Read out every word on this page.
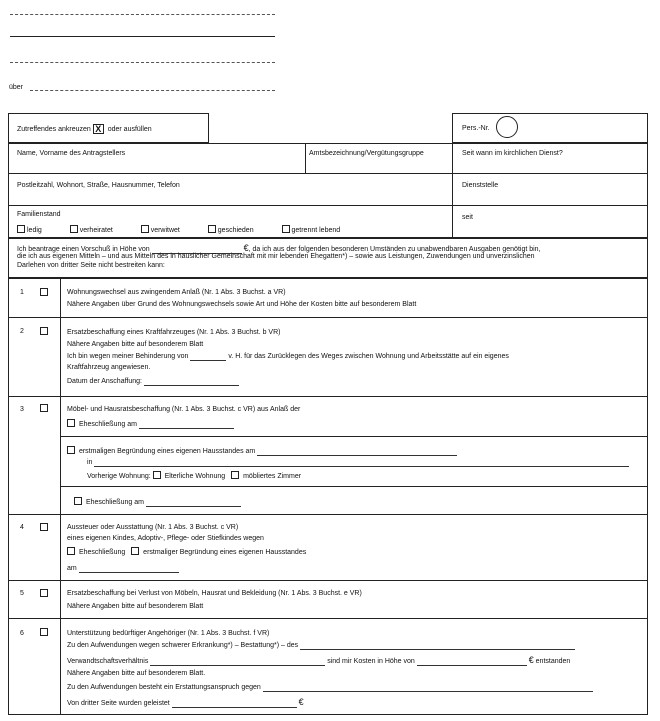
über
Zutreffendes ankreuzen X oder ausfüllen	Pers.-Nr.
Name, Vorname des Antragstellers	Amtsbezeichnung/Vergütungsgruppe	Seit wann im kirchlichen Dienst?
Postleitzahl, Wohnort, Straße, Hausnummer, Telefon	Dienststelle
Familienstand	seit
ledig	verheiratet	verwitwet	geschieden	getrennt lebend
Ich beantrage einen Vorschuß in Höhe von	€, da ich aus der folgenden besonderen Umständen zu unabwendbaren Ausgaben genötigt bin,
die ich aus eigenen Mitteln – und aus Mitteln des in häuslicher Gemeinschaft mit mir lebenden Ehegatten*) – sowie aus Leistungen, Zuwendungen und unverzinslichen
Darlehen von dritter Seite nicht bestreiten kann:
1	Wohnungswechsel aus zwingendem Anlaß (Nr. 1 Abs. 3 Buchst. a VR)
Nähere Angaben über Grund des Wohnungswechsels sowie Art und Höhe der Kosten bitte auf besonderem Blatt
2	Ersatzbeschaffung eines Kraftfahrzeuges (Nr. 1 Abs. 3 Buchst. b VR)
Nähere Angaben bitte auf besonderem Blatt
Ich bin wegen meiner Behinderung von	v. H. für das Zurücklegen des Weges zwischen Wohnung und Arbeitsstätte auf ein eigenes
Kraftfahrzeug angewiesen.
Datum der Anschaffung:
3	Möbel- und Hausratsbeschaffung (Nr. 1 Abs. 3 Buchst. c VR) aus Anlaß der
Eheschließung am
erstmaligen Begründung eines eigenen Hausstandes am
in
Vorherige Wohnung: Elterliche Wohnung	möbliertes Zimmer
Eheschließung am
4	Aussteuer oder Ausstattung (Nr. 1 Abs. 3 Buchst. c VR)
eines eigenen Kindes, Adoptiv-, Pflege- oder Stiefkindes wegen
Eheschließung	erstmaliger Begründung eines eigenen Hausstandes
am
5	Ersatzbeschaffung bei Verlust von Möbeln, Hausrat und Bekleidung (Nr. 1 Abs. 3 Buchst. e VR)
Nähere Angaben bitte auf besonderem Blatt
6	Unterstützung bedürftiger Angehöriger (Nr. 1 Abs. 3 Buchst. f VR)
Zu den Aufwendungen wegen schwerer Erkrankung*) – Bestattung*) – des
Verwandtschaftsverhältnis	sind mir Kosten in Höhe von	€ entstanden
Nähere Angaben bitte auf besonderem Blatt.
Zu den Aufwendungen besteht ein Erstattungsanspruch gegen
Von dritter Seite wurden geleistet	€
